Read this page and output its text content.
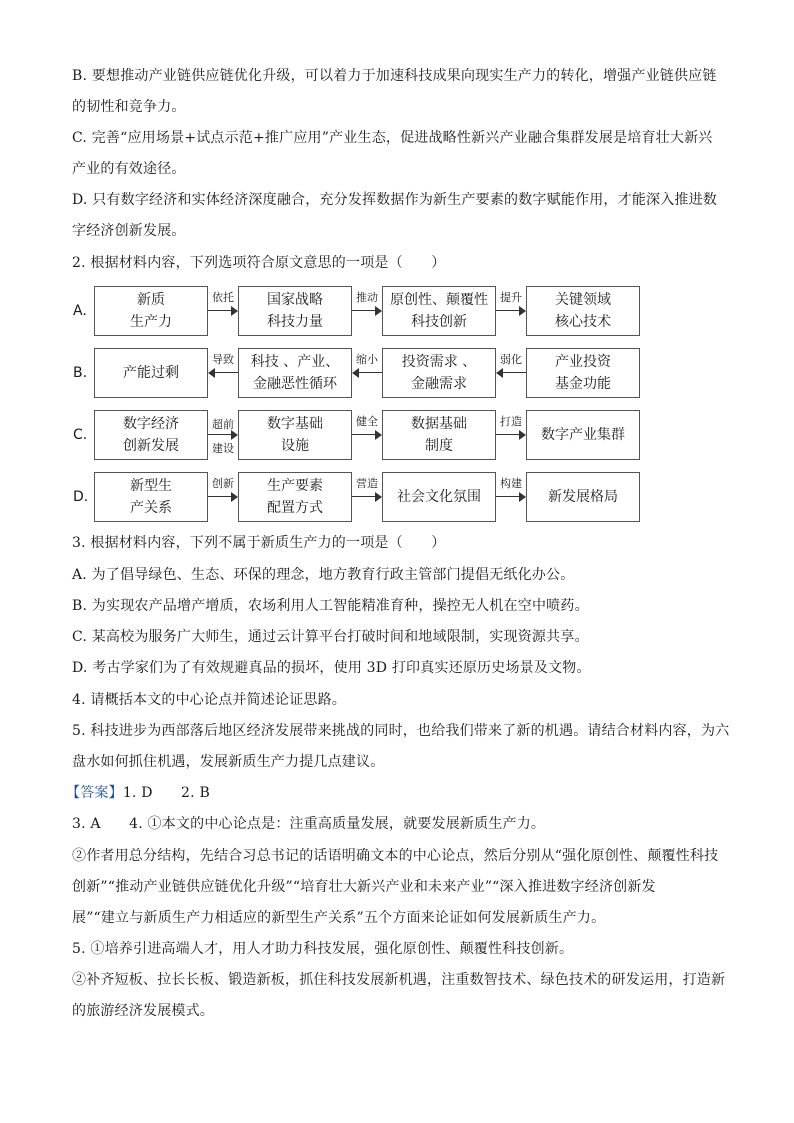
B. 要想推动产业链供应链优化升级，可以着力于加速科技成果向现实生产力的转化，增强产业链供应链
的韧性和竞争力。
C. 完善“应用场景+试点示范+推广应用”产业生态，促进战略性新兴产业融合集群发展是培育壮大新兴
产业的有效途径。
D. 只有数字经济和实体经济深度融合，充分发挥数据作为新生产要素的数字赋能作用，才能深入推进数
字经济创新发展。
2. 根据材料内容，下列选项符合原文意思的一项是（　　）
A.
新质
生产力
国家战略
科技力量
原创性、颠覆性
科技创新
关键领域
核心技术
依托	推动	提升
B.	产能过剩
科技 、产业、
金融恶性循环
投资需求 、
金融需求
产业投资
基金功能
导致	缩小	弱化
C.
数字经济
创新发展
数字基础
设施
数据基础
制度
数字产业集群
超前
建设
健全	打造
D.
新型生
产关系
生产要素
配置方式
社会文化氛围	新发展格局
创新	营造	构建
3. 根据材料内容，下列不属于新质生产力的一项是（　　）
A. 为了倡导绿色、生态、环保的理念，地方教育行政主管部门提倡无纸化办公。
B. 为实现农产品增产增质，农场利用人工智能精准育种，操控无人机在空中喷药。
C. 某高校为服务广大师生，通过云计算平台打破时间和地域限制，实现资源共享。
D. 考古学家们为了有效规避真品的损坏，使用 3D 打印真实还原历史场景及文物。
4. 请概括本文的中心论点并简述论证思路。
5. 科技进步为西部落后地区经济发展带来挑战的同时，也给我们带来了新的机遇。请结合材料内容，为六
盘水如何抓住机遇，发展新质生产力提几点建议。
【答案】1. D　　2. B
3. A　　4. ①本文的中心论点是：注重高质量发展，就要发展新质生产力。
②作者用总分结构，先结合习总书记的话语明确文本的中心论点，然后分别从“强化原创性、颠覆性科技
创新”“推动产业链供应链优化升级”“培育壮大新兴产业和未来产业”“深入推进数字经济创新发
展”“建立与新质生产力相适应的新型生产关系”五个方面来论证如何发展新质生产力。
5. ①培养引进高端人才，用人才助力科技发展，强化原创性、颠覆性科技创新。
②补齐短板、拉长长板、锻造新板，抓住科技发展新机遇，注重数智技术、绿色技术的研发运用，打造新
的旅游经济发展模式。
